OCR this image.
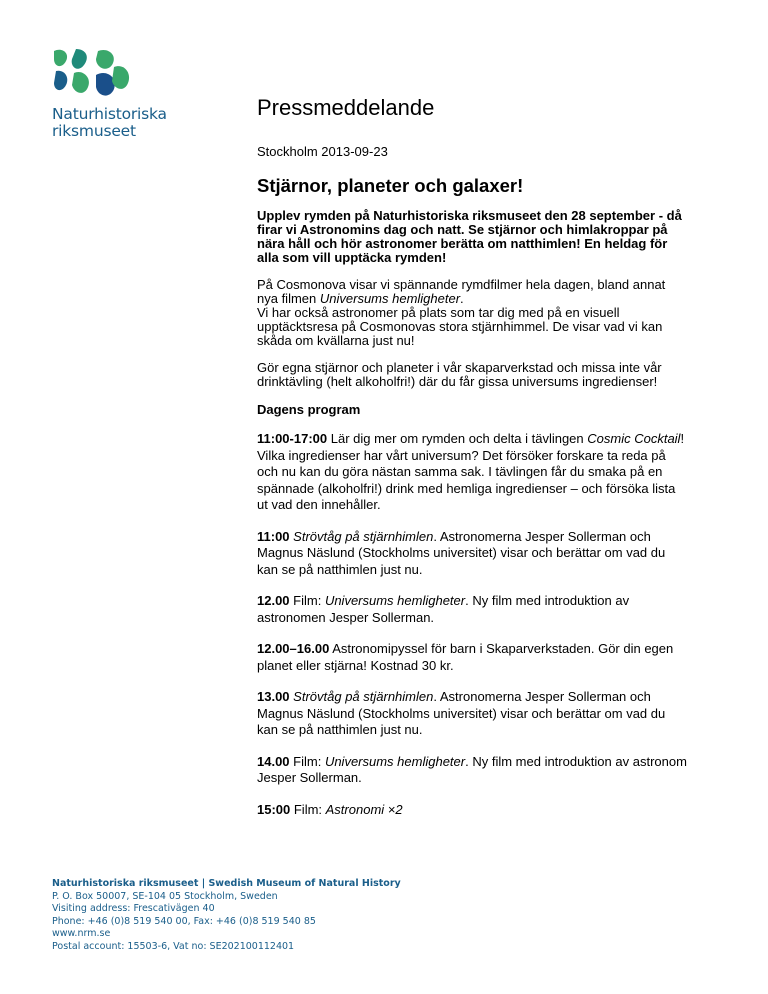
Naturhistoriska
riksmuseet
Pressmeddelande
Stockholm 2013-09-23
Stjärnor, planeter och galaxer!

Upplev rymden på Naturhistoriska riksmuseet den 28 september - då firar vi Astronomins dag och natt. Se stjärnor och himlakroppar på nära håll och hör astronomer berätta om natthimlen! En heldag för alla som vill upptäcka rymden!

På Cosmonova visar vi spännande rymdfilmer hela dagen, bland annat nya filmen Universums hemligheter.
Vi har också astronomer på plats som tar dig med på en visuell upptäcktsresa på Cosmonovas stora stjärnhimmel. De visar vad vi kan skåda om kvällarna just nu!

Gör egna stjärnor och planeter i vår skaparverkstad och missa inte vår drinktävling (helt alkoholfri!) där du får gissa universums ingredienser!

Dagens program

11:00-17:00 Lär dig mer om rymden och delta i tävlingen Cosmic Cocktail! Vilka ingredienser har vårt universum? Det försöker forskare ta reda på och nu kan du göra nästan samma sak. I tävlingen får du smaka på en spännade (alkoholfri!) drink med hemliga ingredienser – och försöka lista ut vad den innehåller.

11:00 Strövtåg på stjärnhimlen. Astronomerna Jesper Sollerman och Magnus Näslund (Stockholms universitet) visar och berättar om vad du kan se på natthimlen just nu.

12.00 Film: Universums hemligheter. Ny film med introduktion av astronomen Jesper Sollerman.

12.00–16.00 Astronomipyssel för barn i Skaparverkstaden. Gör din egen planet eller stjärna! Kostnad 30 kr.

13.00 Strövtåg på stjärnhimlen. Astronomerna Jesper Sollerman och Magnus Näslund (Stockholms universitet) visar och berättar om vad du kan se på natthimlen just nu.

14.00 Film: Universums hemligheter. Ny film med introduktion av astronom Jesper Sollerman.

15:00 Film: Astronomi ×2

Naturhistoriska riksmuseet | Swedish Museum of Natural History
P. O. Box 50007, SE-104 05 Stockholm, Sweden
Visiting address: Frescativägen 40
Phone: +46 (0)8 519 540 00, Fax: +46 (0)8 519 540 85
www.nrm.se
Postal account: 15503-6, Vat no: SE202100112401
